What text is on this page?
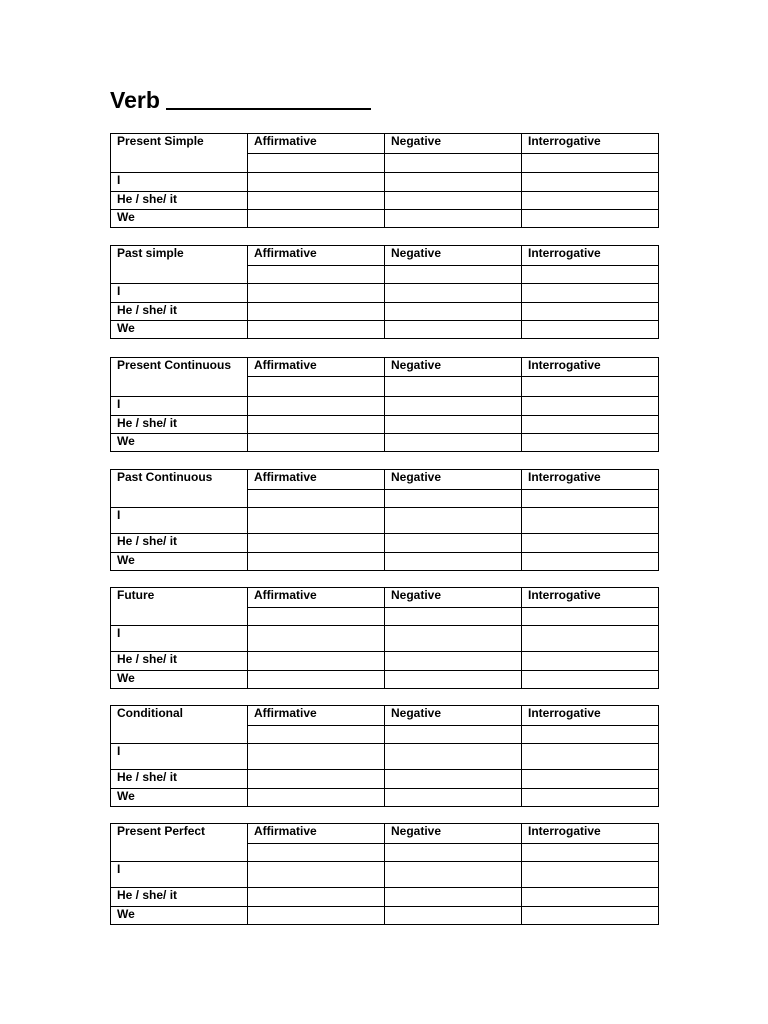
Verb
Present Simple	Affirmative	Negative	Interrogative

I			
He / she/ it			
We			
Past simple	Affirmative	Negative	Interrogative

I			
He / she/ it			
We			
Present Continuous	Affirmative	Negative	Interrogative

I			
He / she/ it			
We			
Past Continuous	Affirmative	Negative	Interrogative

I			
He / she/ it			
We			
Future	Affirmative	Negative	Interrogative

I			
He / she/ it			
We			
Conditional	Affirmative	Negative	Interrogative

I			
He / she/ it			
We			
Present Perfect	Affirmative	Negative	Interrogative

I			
He / she/ it			
We			
